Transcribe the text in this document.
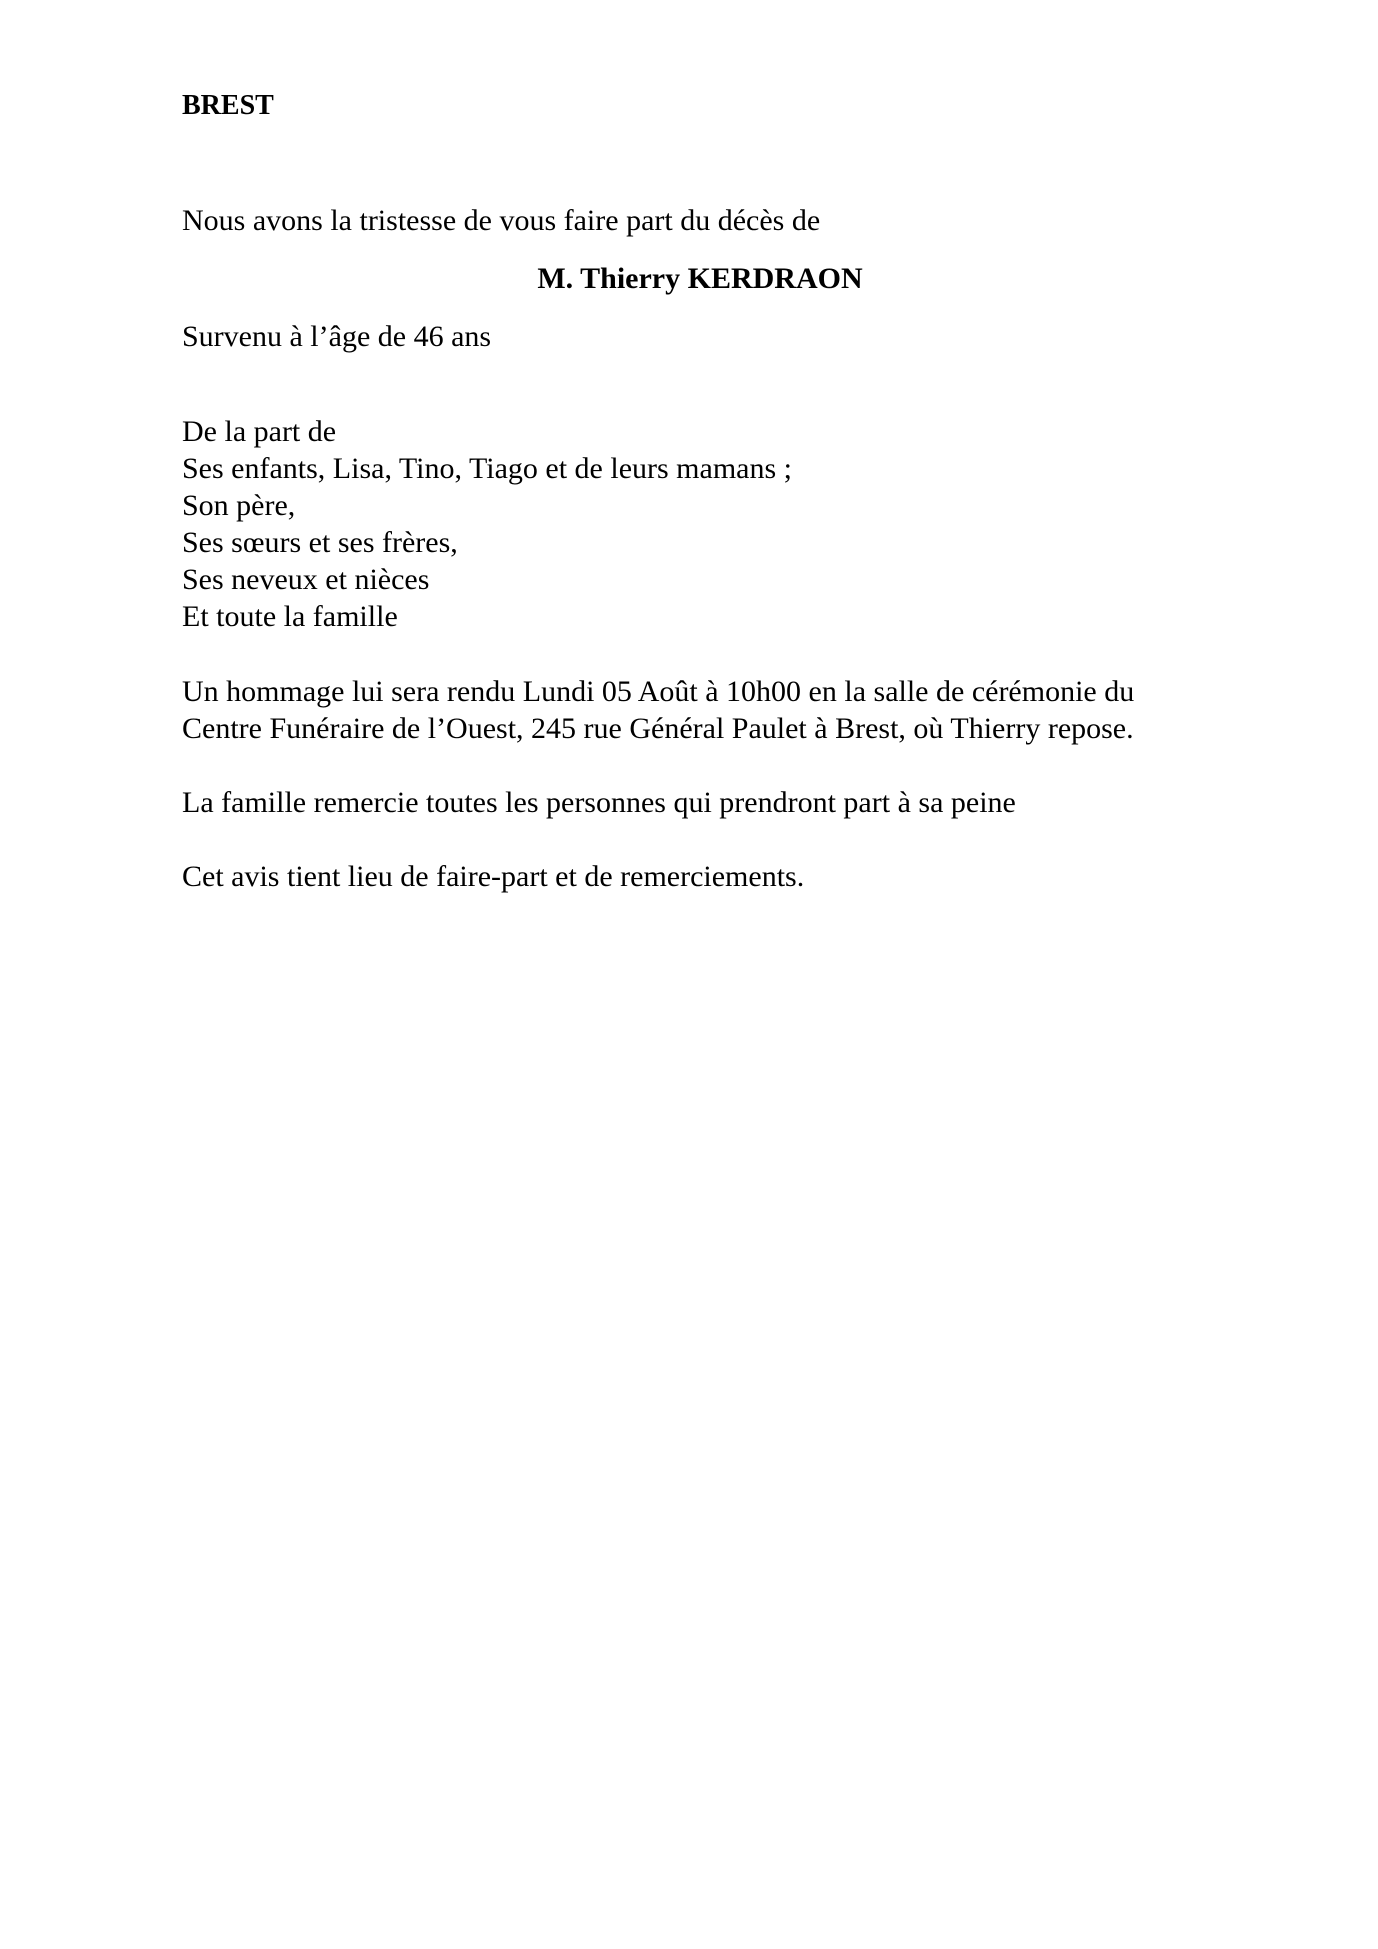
BREST
Nous avons la tristesse de vous faire part du décès de
M. Thierry KERDRAON
Survenu à l’âge de 46 ans
De la part de
Ses enfants, Lisa, Tino, Tiago et de leurs mamans ;
Son père,
Ses sœurs et ses frères,
Ses neveux et nièces
Et toute la famille
Un hommage lui sera rendu Lundi 05 Août à 10h00 en la salle de cérémonie du
Centre Funéraire de l’Ouest, 245 rue Général Paulet à Brest, où Thierry repose.
La famille remercie toutes les personnes qui prendront part à sa peine
Cet avis tient lieu de faire-part et de remerciements.
